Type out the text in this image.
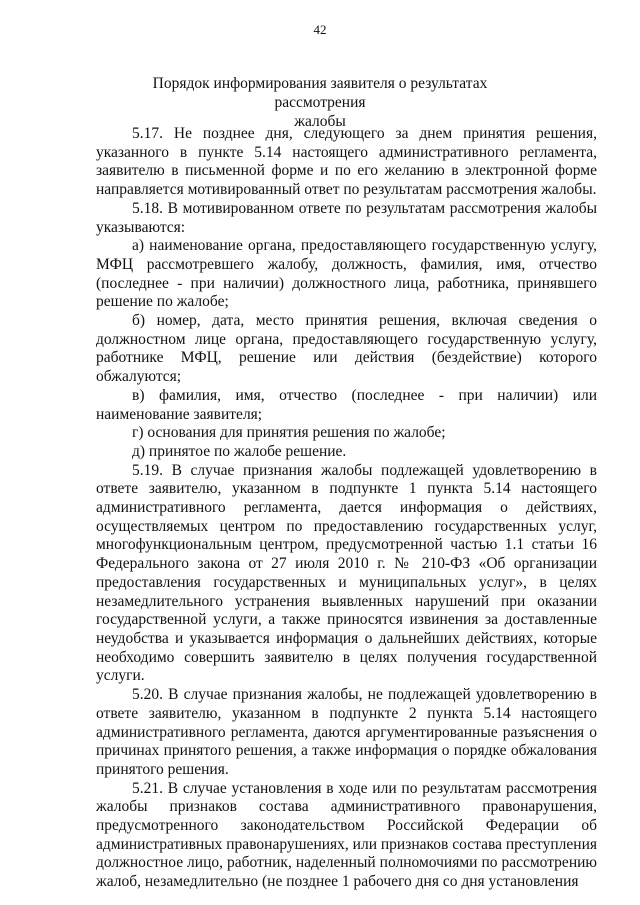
42
Порядок информирования заявителя о результатах рассмотрения
жалобы

5.17. Не позднее дня, следующего за днем принятия решения, указанного в пункте 5.14 настоящего административного регламента, заявителю в письменной форме и по его желанию в электронной форме направляется мотивированный ответ по результатам рассмотрения жалобы.

5.18. В мотивированном ответе по результатам рассмотрения жалобы указываются:

а) наименование органа, предоставляющего государственную услугу, МФЦ рассмотревшего жалобу, должность, фамилия, имя, отчество (последнее - при наличии) должностного лица, работника, принявшего решение по жалобе;

б) номер, дата, место принятия решения, включая сведения о должностном лице органа, предоставляющего государственную услугу, работнике МФЦ, решение или действия (бездействие) которого обжалуются;

в) фамилия, имя, отчество (последнее - при наличии) или наименование заявителя;

г) основания для принятия решения по жалобе;

д) принятое по жалобе решение.

5.19. В случае признания жалобы подлежащей удовлетворению в ответе заявителю, указанном в подпункте 1 пункта 5.14 настоящего административного регламента, дается информация о действиях, осуществляемых центром по предоставлению государственных услуг, многофункциональным центром, предусмотренной частью 1.1 статьи 16 Федерального закона от 27 июля 2010 г. № 210-ФЗ «Об организации предоставления государственных и муниципальных услуг», в целях незамедлительного устранения выявленных нарушений при оказании государственной услуги, а также приносятся извинения за доставленные неудобства и указывается информация о дальнейших действиях, которые необходимо совершить заявителю в целях получения государственной услуги.

5.20. В случае признания жалобы, не подлежащей удовлетворению в ответе заявителю, указанном в подпункте 2 пункта 5.14 настоящего административного регламента, даются аргументированные разъяснения о причинах принятого решения, а также информация о порядке обжалования принятого решения.

5.21. В случае установления в ходе или по результатам рассмотрения жалобы признаков состава административного правонарушения, предусмотренного законодательством Российской Федерации об административных правонарушениях, или признаков состава преступления должностное лицо, работник, наделенный полномочиями по рассмотрению жалоб, незамедлительно (не позднее 1 рабочего дня со дня установления
